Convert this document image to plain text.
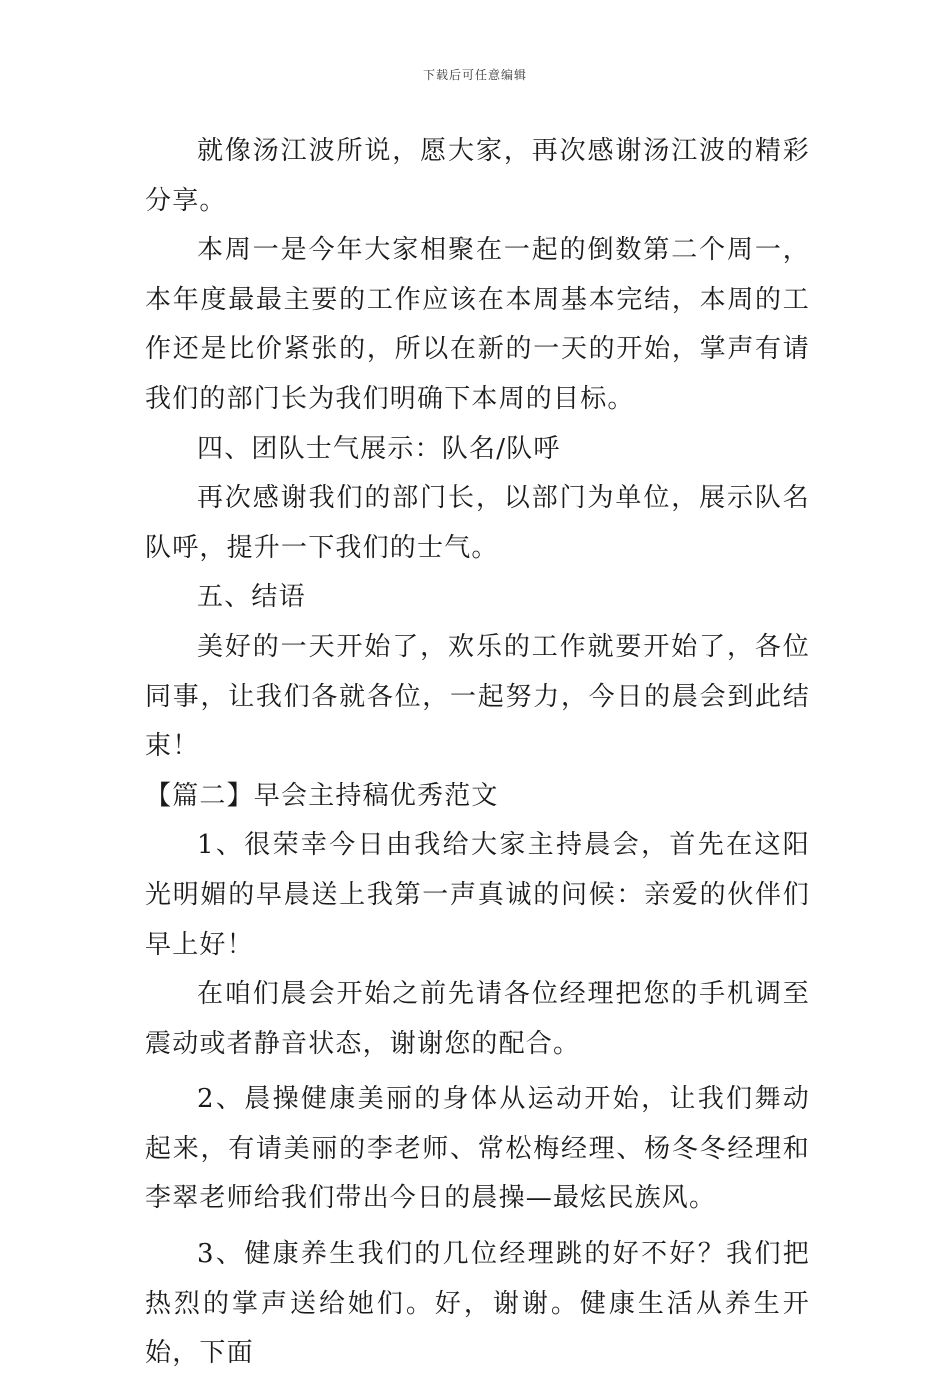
下载后可任意编辑

就像汤江波所说，愿大家，再次感谢汤江波的精彩分享。

本周一是今年大家相聚在一起的倒数第二个周一，本年度最最主要的工作应该在本周基本完结，本周的工作还是比价紧张的，所以在新的一天的开始，掌声有请我们的部门长为我们明确下本周的目标。

四、团队士气展示：队名/队呼

再次感谢我们的部门长，以部门为单位，展示队名队呼，提升一下我们的士气。

五、结语

美好的一天开始了，欢乐的工作就要开始了，各位同事，让我们各就各位，一起努力，今日的晨会到此结束！

【篇二】早会主持稿优秀范文

1、很荣幸今日由我给大家主持晨会，首先在这阳光明媚的早晨送上我第一声真诚的问候：亲爱的伙伴们早上好！

在咱们晨会开始之前先请各位经理把您的手机调至震动或者静音状态，谢谢您的配合。

2、晨操健康美丽的身体从运动开始，让我们舞动起来，有请美丽的李老师、常松梅经理、杨冬冬经理和李翠老师给我们带出今日的晨操—最炫民族风。

3、健康养生我们的几位经理跳的好不好？我们把热烈的掌声送给她们。好，谢谢。健康生活从养生开始，下面
